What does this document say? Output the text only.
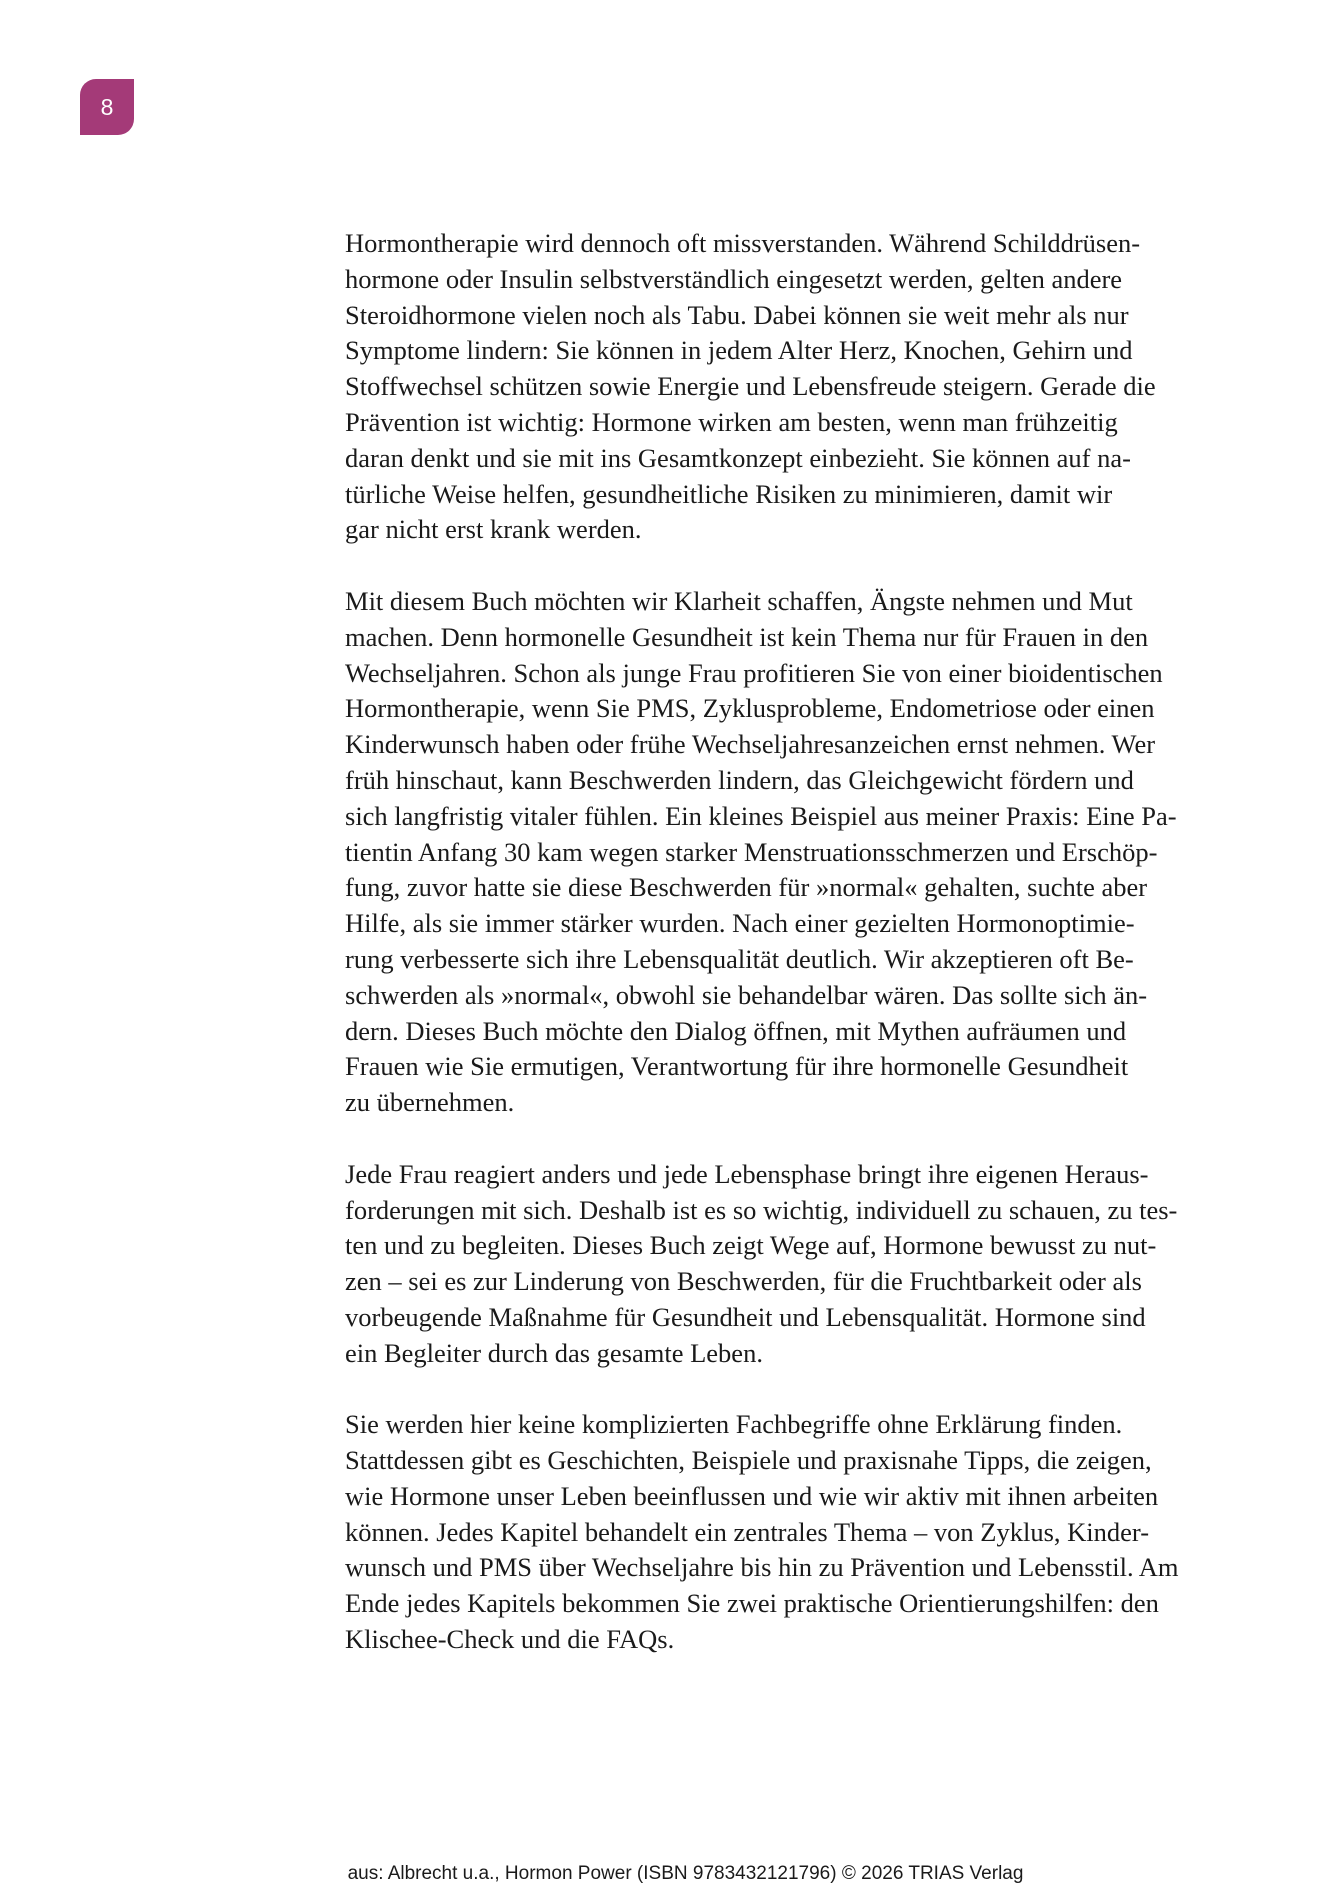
8
Hormontherapie wird dennoch oft missverstanden. Während Schilddrüsen-
hormone oder Insulin selbstverständlich eingesetzt werden, gelten andere
Steroidhormone vielen noch als Tabu. Dabei können sie weit mehr als nur
Symptome lindern: Sie können in jedem Alter Herz, Knochen, Gehirn und
Stoffwechsel schützen sowie Energie und Lebensfreude steigern. Gerade die
Prävention ist wichtig: Hormone wirken am besten, wenn man frühzeitig
daran denkt und sie mit ins Gesamtkonzept einbezieht. Sie können auf na-
türliche Weise helfen, gesundheitliche Risiken zu minimieren, damit wir
gar nicht erst krank werden.
Mit diesem Buch möchten wir Klarheit schaffen, Ängste nehmen und Mut
machen. Denn hormonelle Gesundheit ist kein Thema nur für Frauen in den
Wechseljahren. Schon als junge Frau profitieren Sie von einer bioidentischen
Hormontherapie, wenn Sie PMS, Zyklusprobleme, Endometriose oder einen
Kinderwunsch haben oder frühe Wechseljahresanzeichen ernst nehmen. Wer
früh hinschaut, kann Beschwerden lindern, das Gleichgewicht fördern und
sich langfristig vitaler fühlen. Ein kleines Beispiel aus meiner Praxis: Eine Pa-
tientin Anfang 30 kam wegen starker Menstruationsschmerzen und Erschöp-
fung, zuvor hatte sie diese Beschwerden für »normal« gehalten, suchte aber
Hilfe, als sie immer stärker wurden. Nach einer gezielten Hormonoptimie-
rung verbesserte sich ihre Lebensqualität deutlich. Wir akzeptieren oft Be-
schwerden als »normal«, obwohl sie behandelbar wären. Das sollte sich än-
dern. Dieses Buch möchte den Dialog öffnen, mit Mythen aufräumen und
Frauen wie Sie ermutigen, Verantwortung für ihre hormonelle Gesundheit
zu übernehmen.
Jede Frau reagiert anders und jede Lebensphase bringt ihre eigenen Heraus-
forderungen mit sich. Deshalb ist es so wichtig, individuell zu schauen, zu tes-
ten und zu begleiten. Dieses Buch zeigt Wege auf, Hormone bewusst zu nut-
zen – sei es zur Linderung von Beschwerden, für die Fruchtbarkeit oder als
vorbeugende Maßnahme für Gesundheit und Lebensqualität. Hormone sind
ein Begleiter durch das gesamte Leben.
Sie werden hier keine komplizierten Fachbegriffe ohne Erklärung finden.
Stattdessen gibt es Geschichten, Beispiele und praxisnahe Tipps, die zeigen,
wie Hormone unser Leben beeinflussen und wie wir aktiv mit ihnen arbeiten
können. Jedes Kapitel behandelt ein zentrales Thema – von Zyklus, Kinder-
wunsch und PMS über Wechseljahre bis hin zu Prävention und Lebensstil. Am
Ende jedes Kapitels bekommen Sie zwei praktische Orientierungshilfen: den
Klischee-Check und die FAQs.
aus: Albrecht u.a., Hormon Power (ISBN 9783432121796) © 2026 TRIAS Verlag
